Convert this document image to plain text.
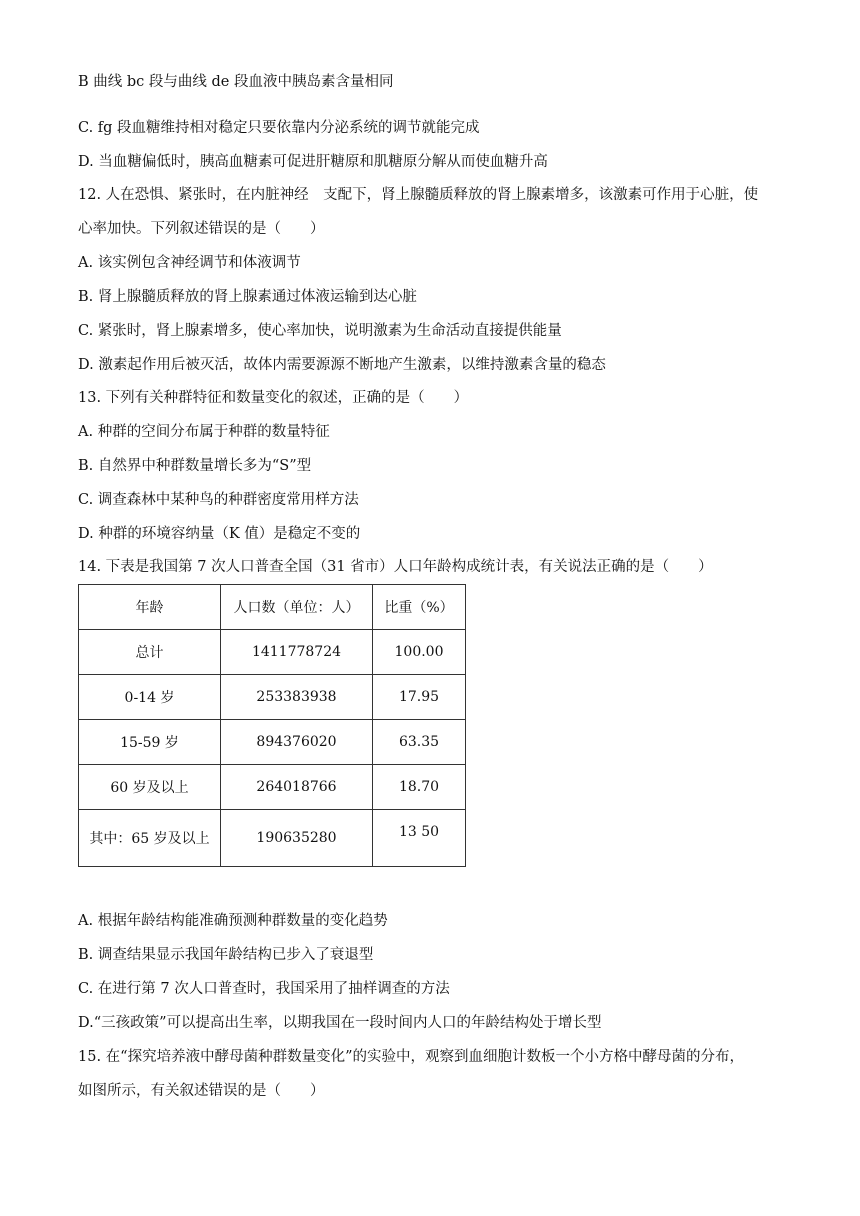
B 曲线 bc 段与曲线 de 段血液中胰岛素含量相同
C. fg 段血糖维持相对稳定只要依靠内分泌系统的调节就能完成
D. 当血糖偏低时，胰高血糖素可促进肝糖原和肌糖原分解从而使血糖升高
12. 人在恐惧、紧张时，在内脏神经　支配下，肾上腺髓质释放的肾上腺素增多，该激素可作用于心脏，使
心率加快。下列叙述错误的是（　　）
A. 该实例包含神经调节和体液调节
B. 肾上腺髓质释放的肾上腺素通过体液运输到达心脏
C. 紧张时，肾上腺素增多，使心率加快，说明激素为生命活动直接提供能量
D. 激素起作用后被灭活，故体内需要源源不断地产生激素，以维持激素含量的稳态
13. 下列有关种群特征和数量变化的叙述，正确的是（　　）
A. 种群的空间分布属于种群的数量特征
B. 自然界中种群数量增长多为“S”型
C. 调查森林中某种鸟的种群密度常用样方法
D. 种群的环境容纳量（K 值）是稳定不变的
14. 下表是我国第 7 次人口普查全国（31 省市）人口年龄构成统计表，有关说法正确的是（　　）
年龄	人口数（单位：人）	比重（%）
总计	1411778724	100.00
0-14 岁	253383938	17.95
15-59 岁	894376020	63.35
60 岁及以上	264018766	18.70
其中：65 岁及以上	190635280	13 50
A. 根据年龄结构能准确预测种群数量的变化趋势
B. 调查结果显示我国年龄结构已步入了衰退型
C. 在进行第 7 次人口普查时，我国采用了抽样调查的方法
D.“三孩政策”可以提高出生率，以期我国在一段时间内人口的年龄结构处于增长型
15. 在“探究培养液中酵母菌种群数量变化”的实验中，观察到血细胞计数板一个小方格中酵母菌的分布，
如图所示，有关叙述错误的是（　　）
